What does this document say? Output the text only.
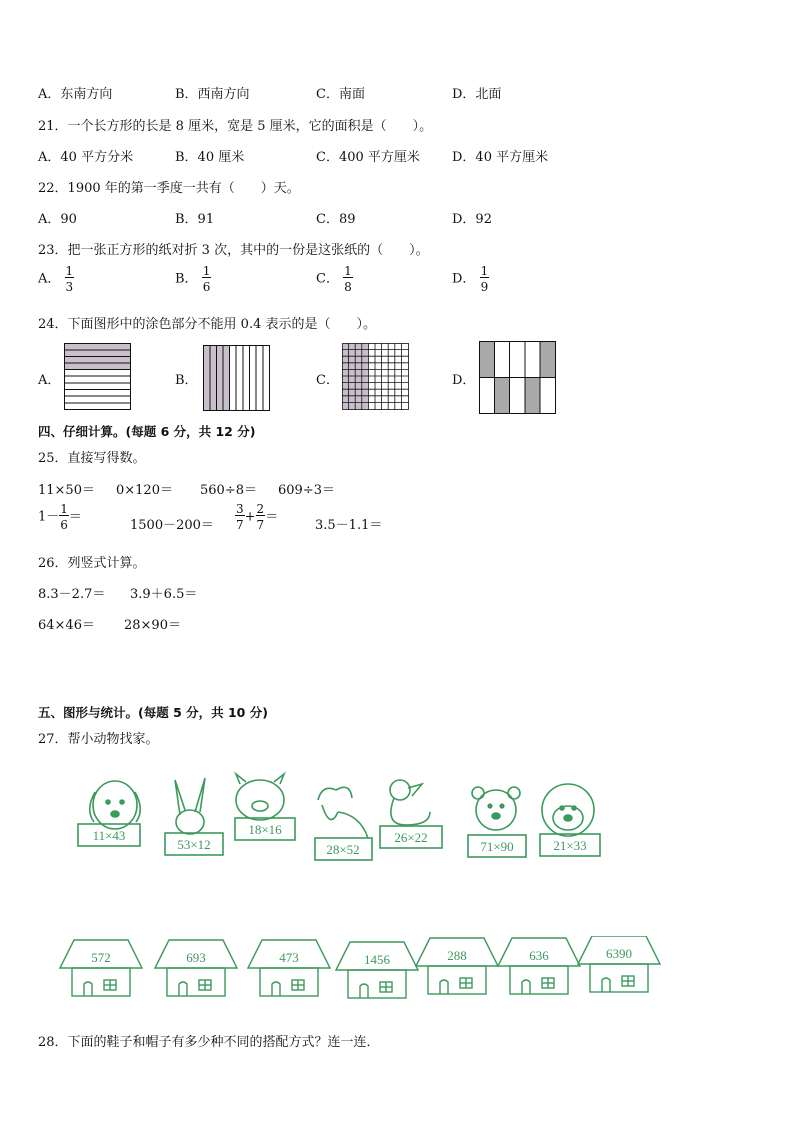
A．东南方向	B．西南方向	C．南面	D．北面
21．一个长方形的长是 8 厘米，宽是 5 厘米，它的面积是（　　）。
A．40 平方分米	B．40 厘米	C．400 平方厘米 D．40 平方厘米
22．1900 年的第一季度一共有（　　）天。
A．90	B．91	C．89	D．92
23．把一张正方形的纸对折 3 次，其中的一份是这张纸的（　　）。
A． $\frac{1}{3}$	B． $\frac{1}{6}$	C． $\frac{1}{8}$	D． $\frac{1}{9}$
24．下面图形中的涂色部分不能用 0.4 表示的是（　　）。
A．	B．	C．	D．
四、仔细计算。(每题 6 分，共 12 分)
25．直接写得数。
11×50＝ 0×120＝ 560÷8＝ 609÷3＝
$1- \frac{1}{6}$ ＝
$1500-200= \frac{3}{7} + \frac{2}{7}$ ＝
3.5－1.1＝
26．列竖式计算。
8.3－2.7＝ 3.9＋6.5＝
64×46＝ 28×90＝
五、图形与统计。(每题 5 分，共 10 分)
27．帮小动物找家。
11×43
53×12
18×16
28×52
26×22
71×90	21×33
572	693	473	1456	288	636	6390
28．下面的鞋子和帽子有多少种不同的搭配方式？连一连．
